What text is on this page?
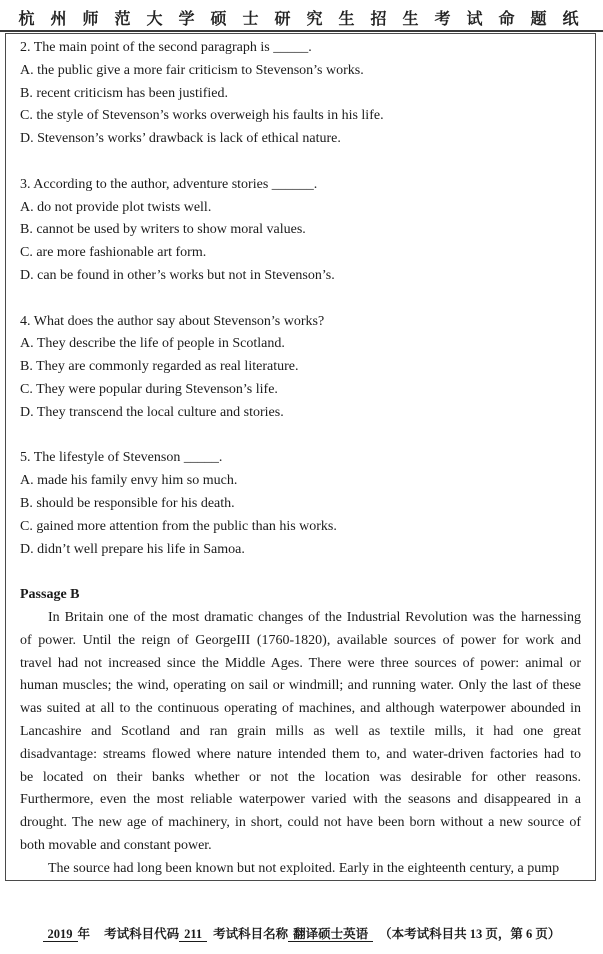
杭 州 师 范 大 学 硕 士 研 究 生 招 生 考 试 命 题 纸
2. The main point of the second paragraph is _____.
A. the public give a more fair criticism to Stevenson’s works.
B. recent criticism has been justified.
C. the style of Stevenson’s works overweigh his faults in his life.
D. Stevenson’s works’ drawback is lack of ethical nature.
3. According to the author, adventure stories ______.
A. do not provide plot twists well.
B. cannot be used by writers to show moral values.
C. are more fashionable art form.
D. can be found in other’s works but not in Stevenson’s.
4. What does the author say about Stevenson’s works?
A. They describe the life of people in Scotland.
B. They are commonly regarded as real literature.
C. They were popular during Stevenson’s life.
D. They transcend the local culture and stories.
5. The lifestyle of Stevenson _____.
A. made his family envy him so much.
B. should be responsible for his death.
C. gained more attention from the public than his works.
D. didn’t well prepare his life in Samoa.
Passage B
In Britain one of the most dramatic changes of the Industrial Revolution was the harnessing
of power. Until the reign of GeorgeIII (1760-1820), available sources of power for work and
travel had not increased since the Middle Ages. There were three sources of power: animal or
human muscles; the wind, operating on sail or windmill; and running water. Only the last of these
was suited at all to the continuous operating of machines, and although waterpower abounded in
Lancashire and Scotland and ran grain mills as well as textile mills, it had one great
disadvantage: streams flowed where nature intended them to, and water-driven factories had to
be located on their banks whether or not the location was desirable for other reasons.
Furthermore, even the most reliable waterpower varied with the seasons and disappeared in a
drought. The new age of machinery, in short, could not have been born without a new source of
both movable and constant power.
The source had long been known but not exploited. Early in the eighteenth century, a pump
2019 年 考试科目代码 211 考试科目名称 翻译硕士英语 （本考试科目共 13 页，第 6 页）
